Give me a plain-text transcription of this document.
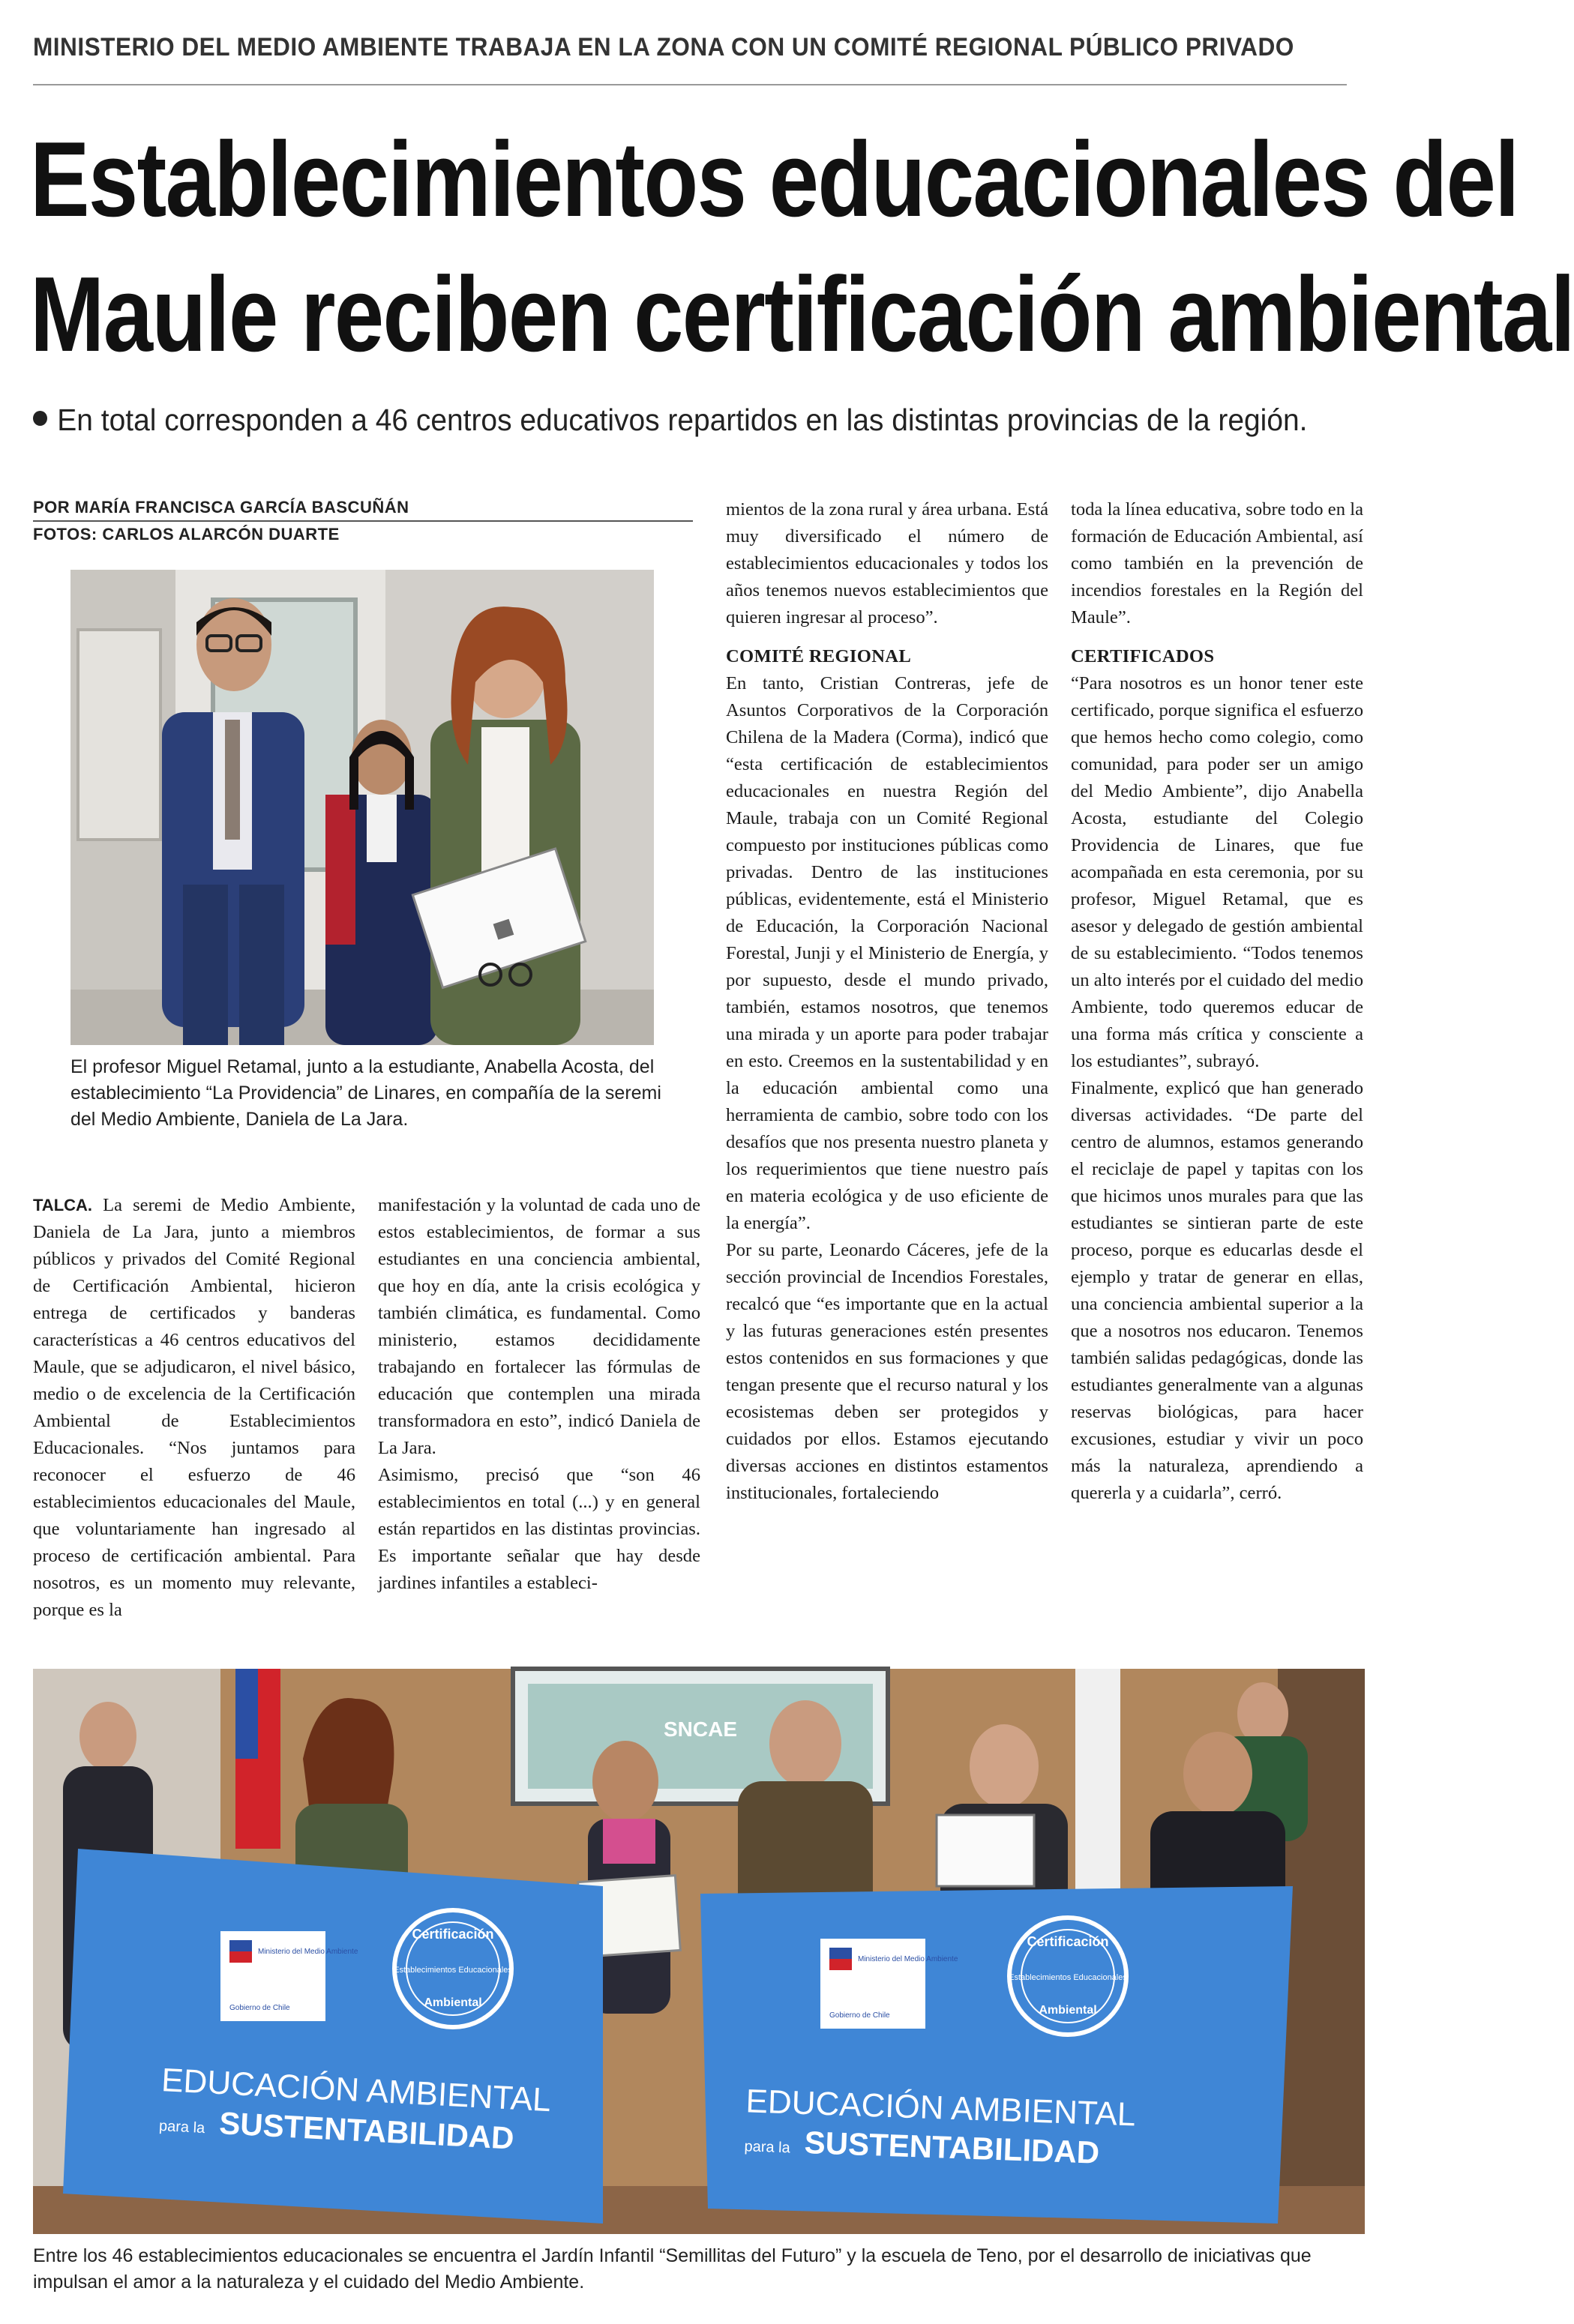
MINISTERIO DEL MEDIO AMBIENTE TRABAJA EN LA ZONA CON UN COMITÉ REGIONAL PÚBLICO PRIVADO
Establecimientos educacionales del
Maule reciben certificación ambiental
En total corresponden a 46 centros educativos repartidos en las distintas provincias de la región.
POR MARÍA FRANCISCA GARCÍA BASCUÑÁN
FOTOS: CARLOS ALARCÓN DUARTE
El profesor Miguel Retamal, junto a la estudiante, Anabella Acosta, del establecimiento “La Providencia” de Linares, en compañía de la seremi del Medio Ambiente, Daniela de La Jara.

mientos de la zona rural y área urbana. Está muy diversificado el número de establecimientos educacionales y todos los años tenemos nuevos establecimientos que quieren ingresar al proceso”.

COMITÉ REGIONAL

En tanto, Cristian Contreras, jefe de Asuntos Corporativos de la Corporación Chilena de la Madera (Corma), indicó que “esta certificación de establecimientos educacionales en nuestra Región del Maule, trabaja con un Comité Regional compuesto por instituciones públicas como privadas. Dentro de las instituciones públicas, evidentemente, está el Ministerio de Educación, la Corporación Nacional Forestal, Junji y el Ministerio de Energía, y por supuesto, desde el mundo privado, también, estamos nosotros, que tenemos una mirada y un aporte para poder trabajar en esto. Creemos en la sustentabilidad y en la educación ambiental como una herramienta de cambio, sobre todo con los desafíos que nos presenta nuestro planeta y los requerimientos que tiene nuestro país en materia ecológica y de uso eficiente de la energía”.

Por su parte, Leonardo Cáceres, jefe de la sección provincial de Incendios Forestales, recalcó que “es importante que en la actual y las futuras generaciones estén presentes estos contenidos en sus formaciones y que tengan presente que el recurso natural y los ecosistemas deben ser protegidos y cuidados por ellos. Estamos ejecutando diversas acciones en distintos estamentos institucionales, fortaleciendo

toda la línea educativa, sobre todo en la formación de Educación Ambiental, así como también en la prevención de incendios forestales en la Región del Maule”.

CERTIFICADOS

“Para nosotros es un honor tener este certificado, porque significa el esfuerzo que hemos hecho como colegio, como comunidad, para poder ser un amigo del Medio Ambiente”, dijo Anabella Acosta, estudiante del Colegio Providencia de Linares, que fue acompañada en esta ceremonia, por su profesor, Miguel Retamal, que es asesor y delegado de gestión ambiental de su establecimiento. “Todos tenemos un alto interés por el cuidado del medio Ambiente, todo queremos educar de una forma más crítica y consciente a los estudiantes”, subrayó.

Finalmente, explicó que han generado diversas actividades. “De parte del centro de alumnos, estamos generando el reciclaje de papel y tapitas con los que hicimos unos murales para que las estudiantes se sintieran parte de este proceso, porque es educarlas desde el ejemplo y tratar de generar en ellas, una conciencia ambiental superior a la que a nosotros nos educaron. Tenemos también salidas pedagógicas, donde las estudiantes generalmente van a algunas reservas biológicas, para hacer excusiones, estudiar y vivir un poco más la naturaleza, aprendiendo a quererla y a cuidarla”, cerró.

TALCA. La seremi de Medio Ambiente, Daniela de La Jara, junto a miembros públicos y privados del Comité Regional de Certificación Ambiental, hicieron entrega de certificados y banderas características a 46 centros educativos del Maule, que se adjudicaron, el nivel básico, medio o de excelencia de la Certificación Ambiental de Establecimientos Educacionales. “Nos juntamos para reconocer el esfuerzo de 46 establecimientos educacionales del Maule, que voluntariamente han ingresado al proceso de certificación ambiental. Para nosotros, es un momento muy relevante, porque es la

manifestación y la voluntad de cada uno de estos establecimientos, de formar a sus estudiantes en una conciencia ambiental, que hoy en día, ante la crisis ecológica y también climática, es fundamental. Como ministerio, estamos decididamente trabajando en fortalecer las fórmulas de educación que contemplen una mirada transformadora en esto”, indicó Daniela de La Jara.

Asimismo, precisó que “son 46 establecimientos en total (...) y en general están repartidos en las distintas provincias. Es importante señalar que hay desde jardines infantiles a estableci-

SNCAE
Ministerio del Medio Ambiente
Gobierno de Chile
Certificación
Establecimientos Educacionales
Ambiental
EDUCACIÓN AMBIENTAL
para la SUSTENTABILIDAD
Ministerio del Medio Ambiente
Gobierno de Chile
Certificación
Establecimientos Educacionales
Ambiental
EDUCACIÓN AMBIENTAL
para la SUSTENTABILIDAD
Entre los 46 establecimientos educacionales se encuentra el Jardín Infantil “Semillitas del Futuro” y la escuela de Teno, por el desarrollo de iniciativas que impulsan el amor a la naturaleza y el cuidado del Medio Ambiente.
